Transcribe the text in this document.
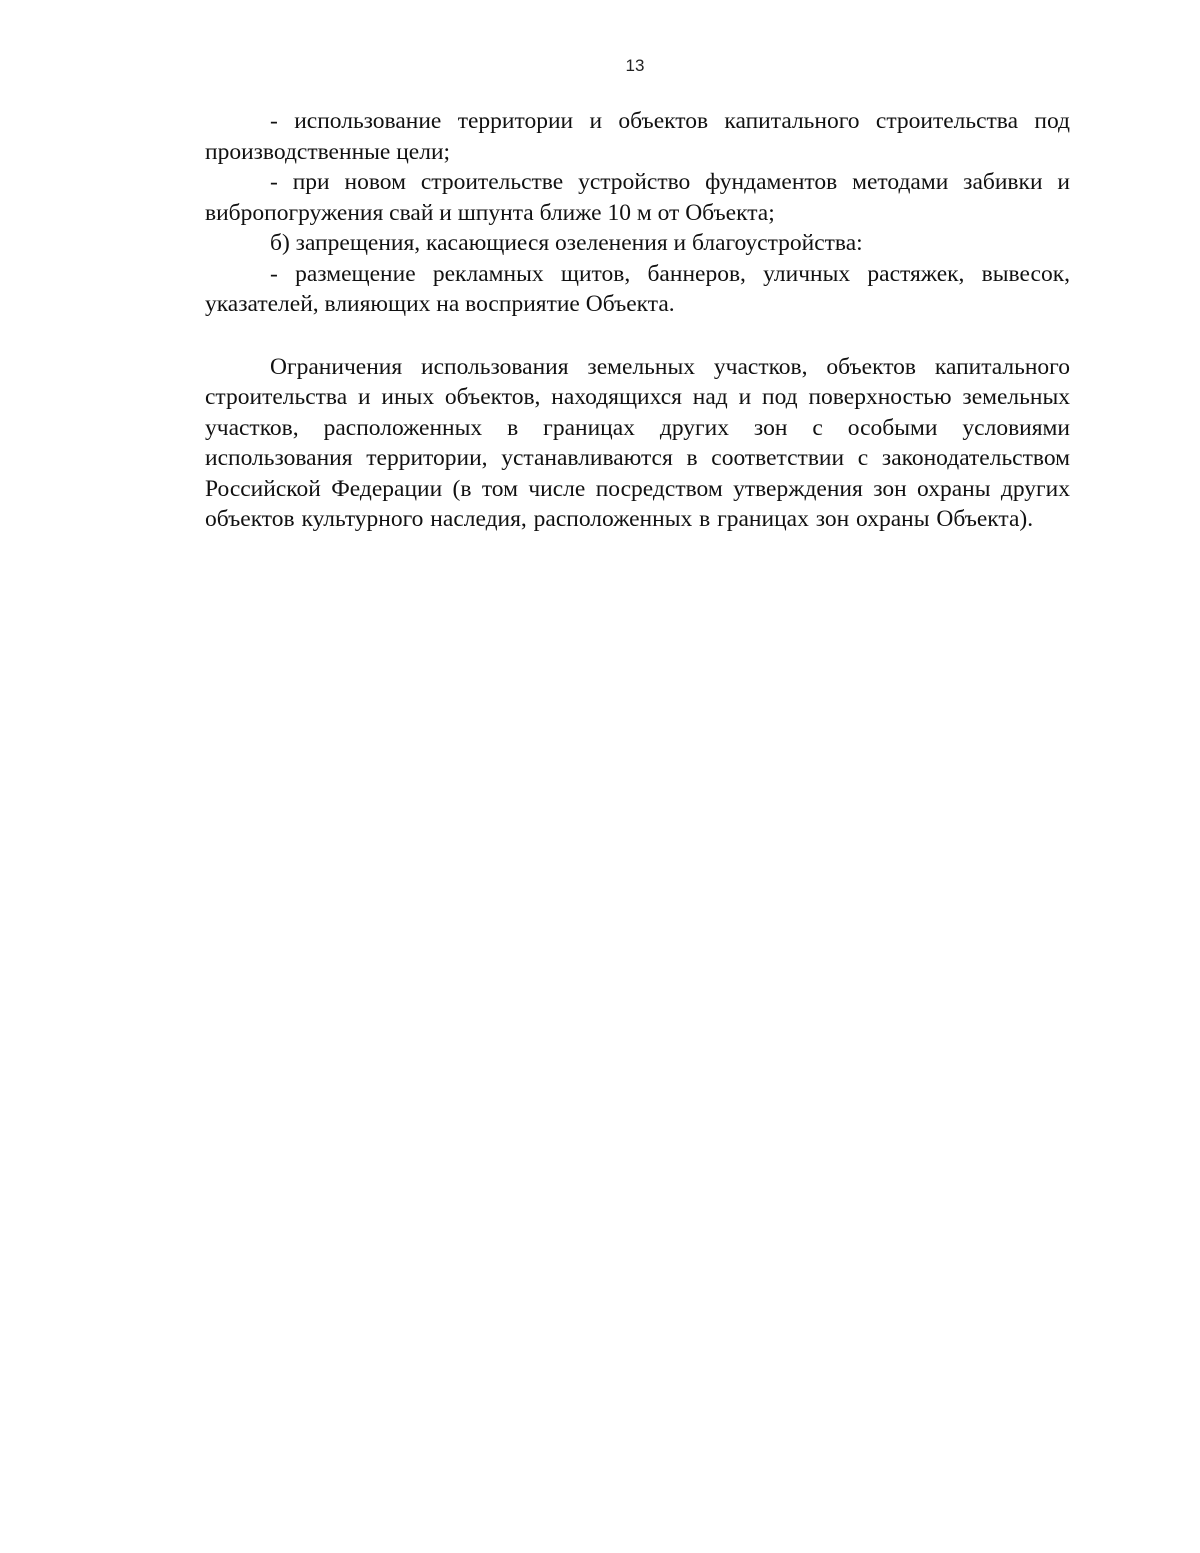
13

- использование территории и объектов капитального строительства под производственные цели;

- при новом строительстве устройство фундаментов методами забивки и вибропогружения свай и шпунта ближе 10 м от Объекта;

б) запрещения, касающиеся озеленения и благоустройства:

- размещение рекламных щитов, баннеров, уличных растяжек, вывесок, указателей, влияющих на восприятие Объекта.

Ограничения использования земельных участков, объектов капитального строительства и иных объектов, находящихся над и под поверхностью земельных участков, расположенных в границах других зон с особыми условиями использования территории, устанавливаются в соответствии с законодательством Российской Федерации (в том числе посредством утверждения зон охраны других объектов культурного наследия, расположенных в границах зон охраны Объекта).
